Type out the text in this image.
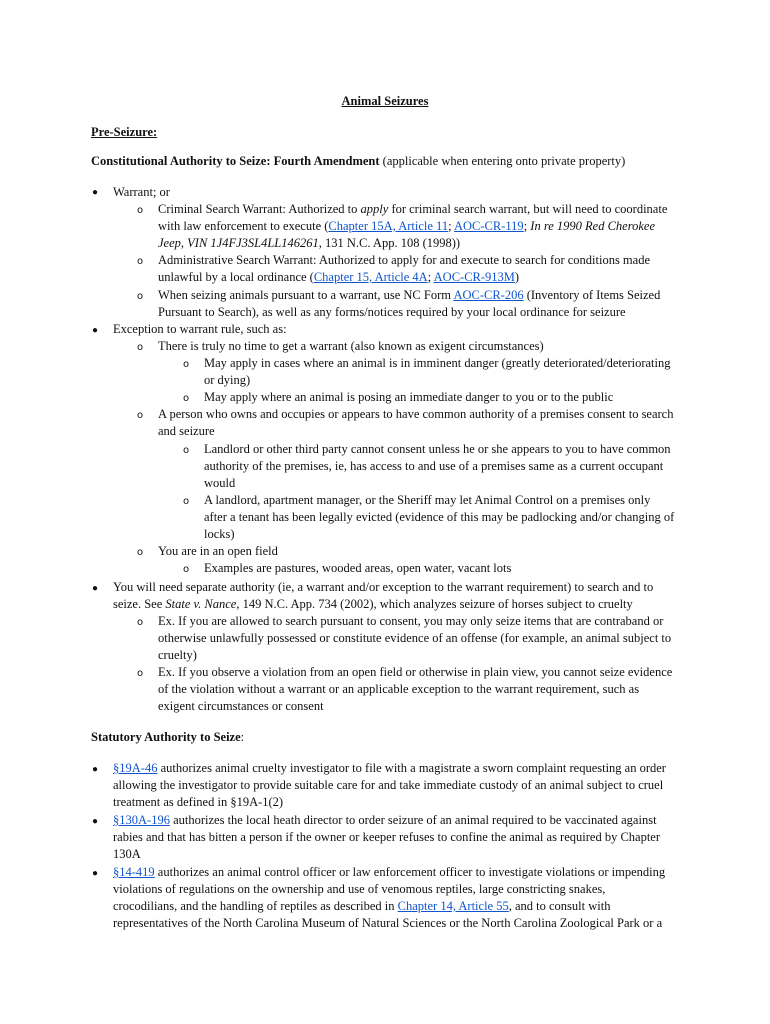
Animal Seizures
Pre-Seizure:
Constitutional Authority to Seize: Fourth Amendment (applicable when entering onto private property)
● Warrant; or
o Criminal Search Warrant: Authorized to apply for criminal search warrant, but will need to coordinate
with law enforcement to execute (Chapter 15A, Article 11; AOC-CR-119; In re 1990 Red Cherokee
Jeep, VIN 1J4FJ3SL4LL146261, 131 N.C. App. 108 (1998))
o Administrative Search Warrant: Authorized to apply for and execute to search for conditions made
unlawful by a local ordinance (Chapter 15, Article 4A; AOC-CR-913M)
o When seizing animals pursuant to a warrant, use NC Form AOC-CR-206 (Inventory of Items Seized
Pursuant to Search), as well as any forms/notices required by your local ordinance for seizure
● Exception to warrant rule, such as:
o There is truly no time to get a warrant (also known as exigent circumstances)
o May apply in cases where an animal is in imminent danger (greatly deteriorated/deteriorating
or dying)
o May apply where an animal is posing an immediate danger to you or to the public
o A person who owns and occupies or appears to have common authority of a premises consent to search
and seizure
o Landlord or other third party cannot consent unless he or she appears to you to have common
authority of the premises, ie, has access to and use of a premises same as a current occupant
would
o A landlord, apartment manager, or the Sheriff may let Animal Control on a premises only
after a tenant has been legally evicted (evidence of this may be padlocking and/or changing of
locks)
o You are in an open field
o Examples are pastures, wooded areas, open water, vacant lots
● You will need separate authority (ie, a warrant and/or exception to the warrant requirement) to search and to
seize. See State v. Nance, 149 N.C. App. 734 (2002), which analyzes seizure of horses subject to cruelty
o Ex. If you are allowed to search pursuant to consent, you may only seize items that are contraband or
otherwise unlawfully possessed or constitute evidence of an offense (for example, an animal subject to
cruelty)
o Ex. If you observe a violation from an open field or otherwise in plain view, you cannot seize evidence
of the violation without a warrant or an applicable exception to the warrant requirement, such as
exigent circumstances or consent
Statutory Authority to Seize:
● §19A-46 authorizes animal cruelty investigator to file with a magistrate a sworn complaint requesting an order
allowing the investigator to provide suitable care for and take immediate custody of an animal subject to cruel
treatment as defined in §19A-1(2)
● §130A-196 authorizes the local heath director to order seizure of an animal required to be vaccinated against
rabies and that has bitten a person if the owner or keeper refuses to confine the animal as required by Chapter
130A
● §14-419 authorizes an animal control officer or law enforcement officer to investigate violations or impending
violations of regulations on the ownership and use of venomous reptiles, large constricting snakes,
crocodilians, and the handling of reptiles as described in Chapter 14, Article 55, and to consult with
representatives of the North Carolina Museum of Natural Sciences or the North Carolina Zoological Park or a
